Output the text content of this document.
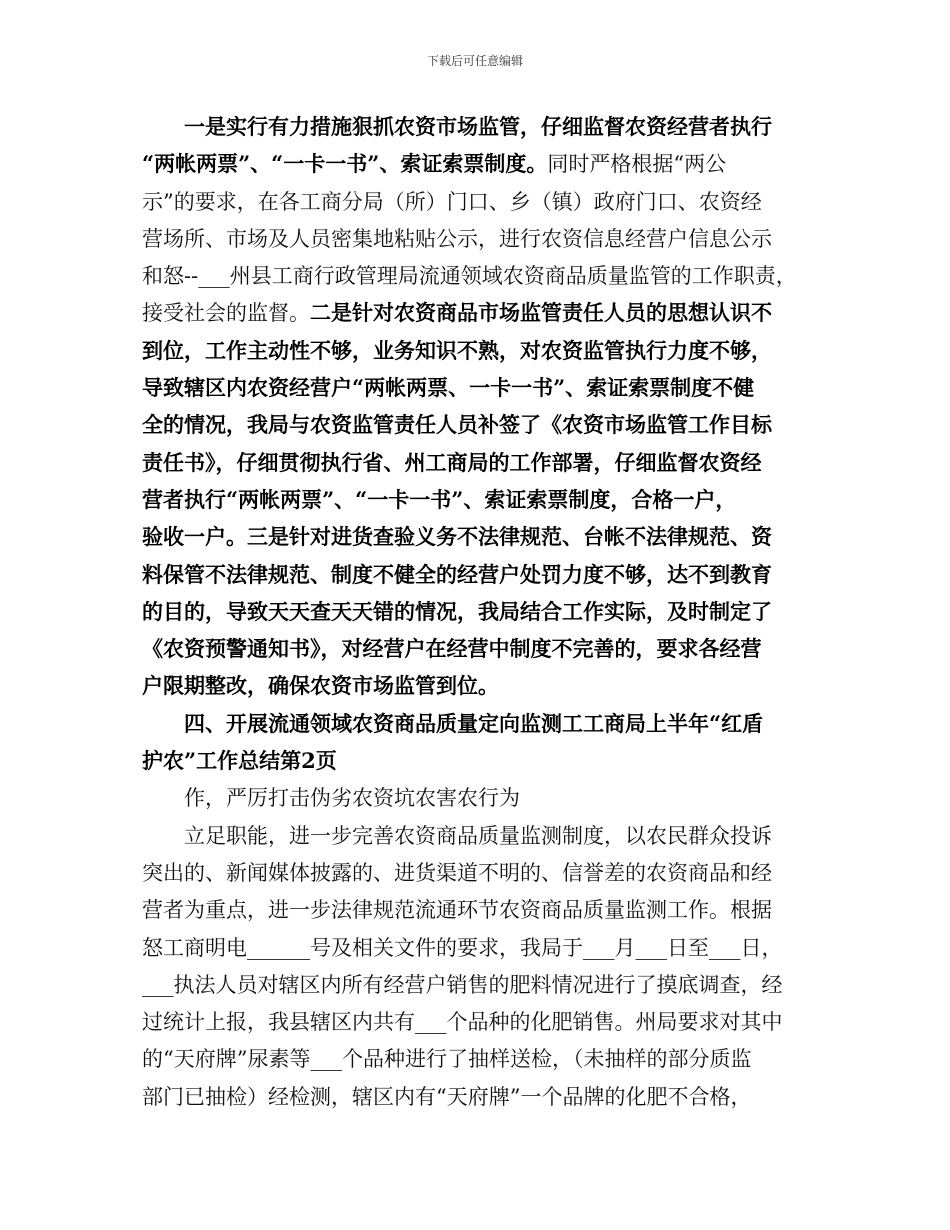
下载后可任意编辑
一是实行有力措施狠抓农资市场监管，仔细监督农资经营者执行
“两帐两票”、“一卡一书”、索证索票制度。同时严格根据“两公
示”的要求，在各工商分局（所）门口、乡（镇）政府门口、农资经
营场所、市场及人员密集地粘贴公示，进行农资信息经营户信息公示
和怒--___州县工商行政管理局流通领域农资商品质量监管的工作职责，
接受社会的监督。二是针对农资商品市场监管责任人员的思想认识不
到位，工作主动性不够，业务知识不熟，对农资监管执行力度不够，
导致辖区内农资经营户“两帐两票、一卡一书”、索证索票制度不健
全的情况，我局与农资监管责任人员补签了《农资市场监管工作目标
责任书》，仔细贯彻执行省、州工商局的工作部署，仔细监督农资经
营者执行“两帐两票”、“一卡一书”、索证索票制度，合格一户，
验收一户。三是针对进货查验义务不法律规范、台帐不法律规范、资
料保管不法律规范、制度不健全的经营户处罚力度不够，达不到教育
的目的，导致天天查天天错的情况，我局结合工作实际，及时制定了
《农资预警通知书》，对经营户在经营中制度不完善的，要求各经营
户限期整改，确保农资市场监管到位。
四、开展流通领域农资商品质量定向监测工工商局上半年“红盾
护农”工作总结第2页
作，严厉打击伪劣农资坑农害农行为
立足职能，进一步完善农资商品质量监测制度，以农民群众投诉
突出的、新闻媒体披露的、进货渠道不明的、信誉差的农资商品和经
营者为重点，进一步法律规范流通环节农资商品质量监测工作。根据
怒工商明电______号及相关文件的要求，我局于___月___日至___日，
___执法人员对辖区内所有经营户销售的肥料情况进行了摸底调查，经
过统计上报，我县辖区内共有___个品种的化肥销售。州局要求对其中
的“天府牌”尿素等___个品种进行了抽样送检，（未抽样的部分质监
部门已抽检）经检测，辖区内有“天府牌”一个品牌的化肥不合格，
